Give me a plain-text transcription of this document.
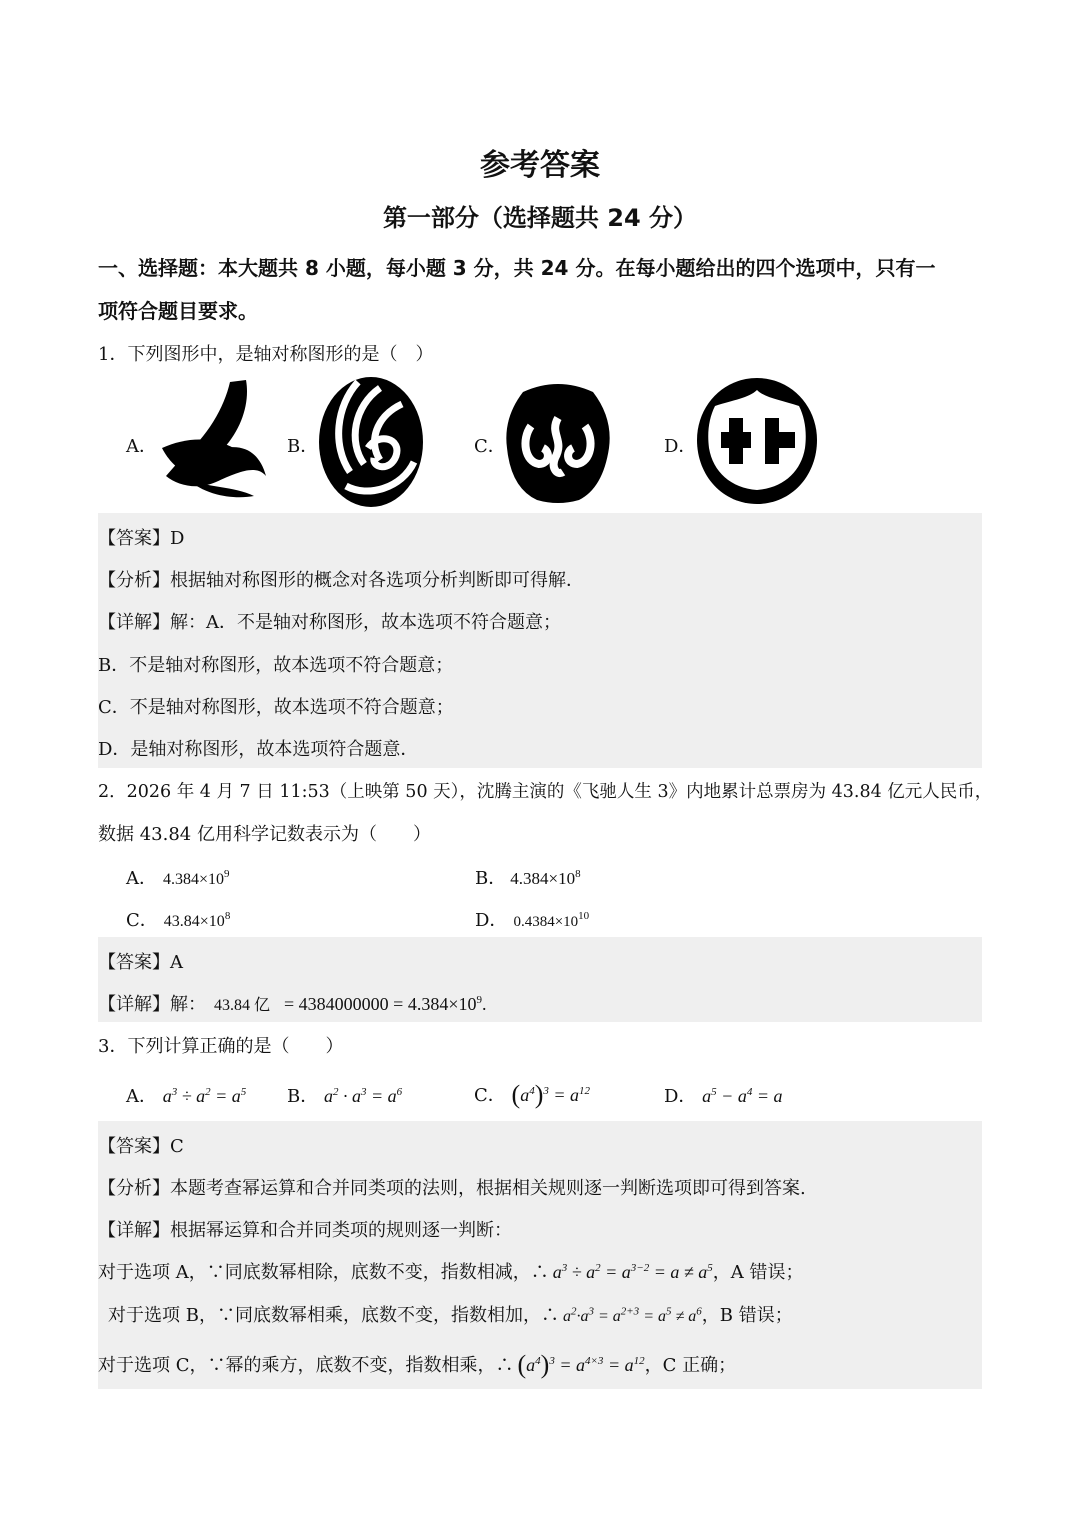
参考答案
第一部分（选择题共 24 分）
一、选择题：本大题共 8 小题，每小题 3 分，共 24 分。在每小题给出的四个选项中，只有一
项符合题目要求。
1．下列图形中，是轴对称图形的是（　）
A．	B．	C．	D．
【答案】D
【分析】根据轴对称图形的概念对各选项分析判断即可得解．
【详解】解：A．不是轴对称图形，故本选项不符合题意；
B．不是轴对称图形，故本选项不符合题意；
C．不是轴对称图形，故本选项不符合题意；
D．是轴对称图形，故本选项符合题意．
2．2026 年 4 月 7 日 11:53（上映第 50 天），沈腾主演的《飞驰人生 3》内地累计总票房为 43.84 亿元人民币，
数据 43.84 亿用科学记数表示为（　　）
A． $4.384\times 10^9$	B． $4.384\times 10^8$
C． $43.84\times 10^8$	D． $0.4384\times 10^{10}$
【答案】A
【详解】解： 43.84 亿 = $4384000000 = 4.384\times 10^9$.
3．下列计算正确的是（　　）
A． $a^3 \div a^2 = a^5$ B． $a^2 \cdot a^3 = a^6$	C． $(a^4)^3 = a^{12}$	D． $a^5 - a^4 = a$
【答案】C
【分析】本题考查幂运算和合并同类项的法则，根据相关规则逐一判断选项即可得到答案.
【详解】根据幂运算和合并同类项的规则逐一判断：
对于选项 A，∵同底数幂相除，底数不变，指数相减，∴ $a^3 \div a^2 = a^{3-2} = a \ne a^5$，A 错误；
对于选项 B，∵同底数幂相乘，底数不变，指数相加，∴ $a^2\cdot a^3 = a^{2+3} = a^5 \ne a^6$，B 错误；
对于选项 C，∵幂的乘方，底数不变，指数相乘，∴ $(a^4)^3 = a^{4\times 3} = a^{12}$，C 正确；
